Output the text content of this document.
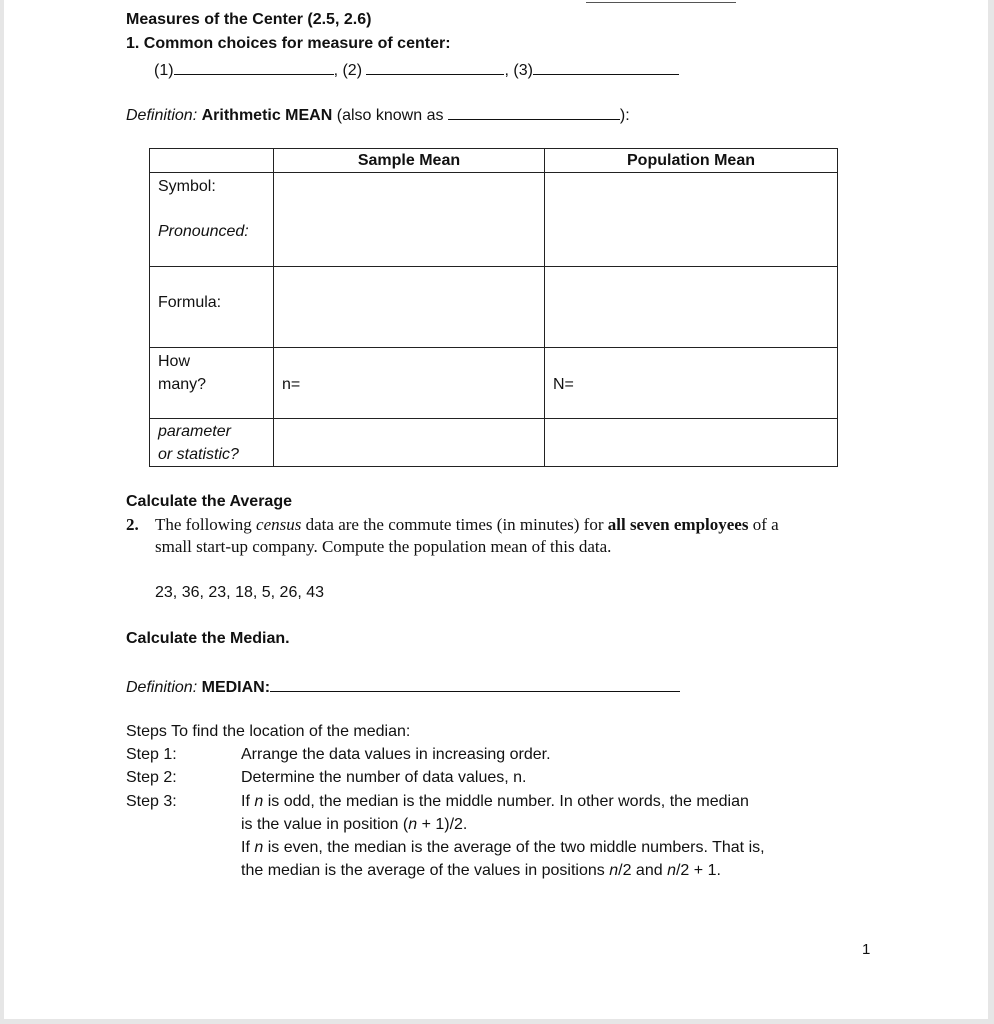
Measures of the Center (2.5, 2.6)
1. Common choices for measure of center:
(1)	, (2)	, (3)
Definition: Arithmetic MEAN (also known as	):

	Sample Mean	Population Mean

Symbol:
Pronounced:		

Formula:		

How
many?	n=	N=

parameter
or statistic?		

Calculate the Average
2. The following census data are the commute times (in minutes) for all seven employees of a
small start-up company. Compute the population mean of this data.
23, 36, 23, 18, 5, 26, 43
Calculate the Median.
Definition: MEDIAN:
Steps To find the location of the median:
Step 1:	Arrange the data values in increasing order.
Step 2:	Determine the number of data values, n.
Step 3:	If n is odd, the median is the middle number. In other words, the median
is the value in position (n + 1)/2.
If n is even, the median is the average of the two middle numbers. That is,
the median is the average of the values in positions n/2 and n/2 + 1.
1
